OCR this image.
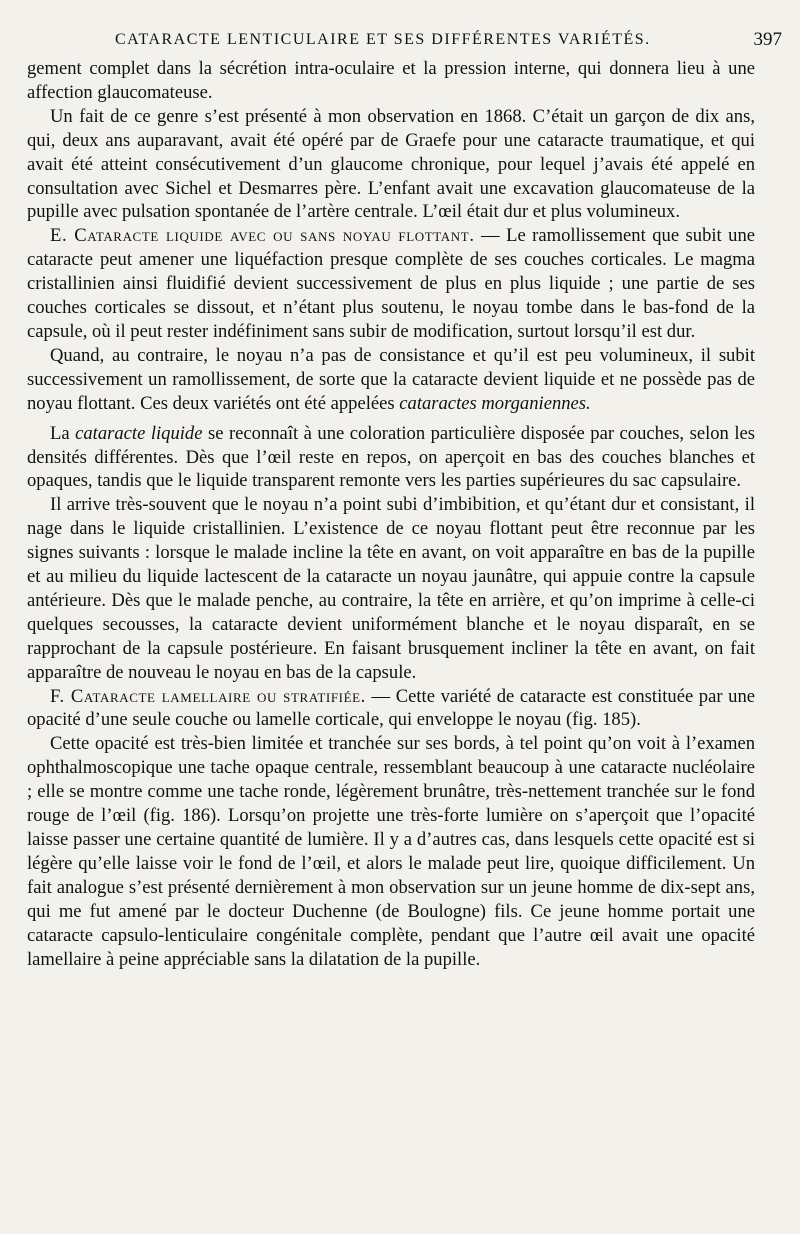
CATARACTE LENTICULAIRE ET SES DIFFÉRENTES VARIÉTÉS.	397

gement complet dans la sécrétion intra-oculaire et la pression interne, qui donnera lieu à une affection glaucomateuse.

Un fait de ce genre s’est présenté à mon observation en 1868. C’était un garçon de dix ans, qui, deux ans auparavant, avait été opéré par de Graefe pour une cataracte traumatique, et qui avait été atteint consécutivement d’un glaucome chronique, pour lequel j’avais été appelé en consultation avec Sichel et Desmarres père. L’enfant avait une excavation glaucomateuse de la pupille avec pulsation spontanée de l’artère centrale. L’œil était dur et plus volumineux.

E. Cataracte liquide avec ou sans noyau flottant. — Le ramollissement que subit une cataracte peut amener une liquéfaction presque complète de ses couches corticales. Le magma cristallinien ainsi fluidifié devient successivement de plus en plus liquide ; une partie de ses couches corticales se dissout, et n’étant plus soutenu, le noyau tombe dans le bas-fond de la capsule, où il peut rester indéfiniment sans subir de modification, surtout lorsqu’il est dur.

Quand, au contraire, le noyau n’a pas de consistance et qu’il est peu volumineux, il subit successivement un ramollissement, de sorte que la cataracte devient liquide et ne possède pas de noyau flottant. Ces deux variétés ont été appelées cataractes morganiennes.

La cataracte liquide se reconnaît à une coloration particulière disposée par couches, selon les densités différentes. Dès que l’œil reste en repos, on aperçoit en bas des couches blanches et opaques, tandis que le liquide transparent remonte vers les parties supérieures du sac capsulaire.

Il arrive très-souvent que le noyau n’a point subi d’imbibition, et qu’étant dur et consistant, il nage dans le liquide cristallinien. L’existence de ce noyau flottant peut être reconnue par les signes suivants : lorsque le malade incline la tête en avant, on voit apparaître en bas de la pupille et au milieu du liquide lactescent de la cataracte un noyau jaunâtre, qui appuie contre la capsule antérieure. Dès que le malade penche, au contraire, la tête en arrière, et qu’on imprime à celle-ci quelques secousses, la cataracte devient uniformément blanche et le noyau disparaît, en se rapprochant de la capsule postérieure. En faisant brusquement incliner la tête en avant, on fait apparaître de nouveau le noyau en bas de la capsule.

F. Cataracte lamellaire ou stratifiée. — Cette variété de cataracte est constituée par une opacité d’une seule couche ou lamelle corticale, qui enveloppe le noyau (fig. 185).

Cette opacité est très-bien limitée et tranchée sur ses bords, à tel point qu’on voit à l’examen ophthalmoscopique une tache opaque centrale, ressemblant beaucoup à une cataracte nucléolaire ; elle se montre comme une tache ronde, légèrement brunâtre, très-nettement tranchée sur le fond rouge de l’œil (fig. 186). Lorsqu’on projette une très-forte lumière on s’aperçoit que l’opacité laisse passer une certaine quantité de lumière. Il y a d’autres cas, dans lesquels cette opacité est si légère qu’elle laisse voir le fond de l’œil, et alors le malade peut lire, quoique difficilement. Un fait analogue s’est présenté dernièrement à mon observation sur un jeune homme de dix-sept ans, qui me fut amené par le docteur Duchenne (de Boulogne) fils. Ce jeune homme portait une cataracte capsulo-lenticulaire congénitale complète, pendant que l’autre œil avait une opacité lamellaire à peine appréciable sans la dilatation de la pupille.
